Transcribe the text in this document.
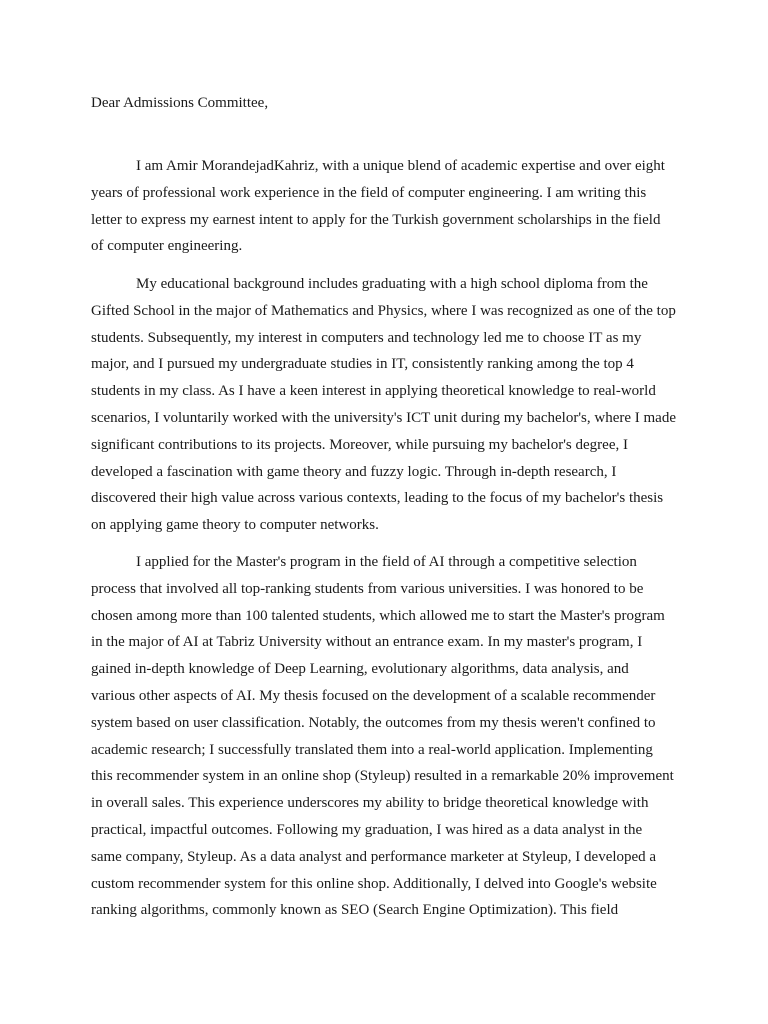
Dear Admissions Committee,

I am Amir MorandejadKahriz, with a unique blend of academic expertise and over eight
years of professional work experience in the field of computer engineering. I am writing this
letter to express my earnest intent to apply for the Turkish government scholarships in the field
of computer engineering.

My educational background includes graduating with a high school diploma from the
Gifted School in the major of Mathematics and Physics, where I was recognized as one of the top
students. Subsequently, my interest in computers and technology led me to choose IT as my
major, and I pursued my undergraduate studies in IT, consistently ranking among the top 4
students in my class. As I have a keen interest in applying theoretical knowledge to real-world
scenarios, I voluntarily worked with the university's ICT unit during my bachelor's, where I made
significant contributions to its projects. Moreover, while pursuing my bachelor's degree, I
developed a fascination with game theory and fuzzy logic. Through in-depth research, I
discovered their high value across various contexts, leading to the focus of my bachelor's thesis
on applying game theory to computer networks.

I applied for the Master's program in the field of AI through a competitive selection
process that involved all top-ranking students from various universities. I was honored to be
chosen among more than 100 talented students, which allowed me to start the Master's program
in the major of AI at Tabriz University without an entrance exam. In my master's program, I
gained in-depth knowledge of Deep Learning, evolutionary algorithms, data analysis, and
various other aspects of AI. My thesis focused on the development of a scalable recommender
system based on user classification. Notably, the outcomes from my thesis weren't confined to
academic research; I successfully translated them into a real-world application. Implementing
this recommender system in an online shop (Styleup) resulted in a remarkable 20% improvement
in overall sales. This experience underscores my ability to bridge theoretical knowledge with
practical, impactful outcomes. Following my graduation, I was hired as a data analyst in the
same company, Styleup. As a data analyst and performance marketer at Styleup, I developed a
custom recommender system for this online shop. Additionally, I delved into Google's website
ranking algorithms, commonly known as SEO (Search Engine Optimization). This field
